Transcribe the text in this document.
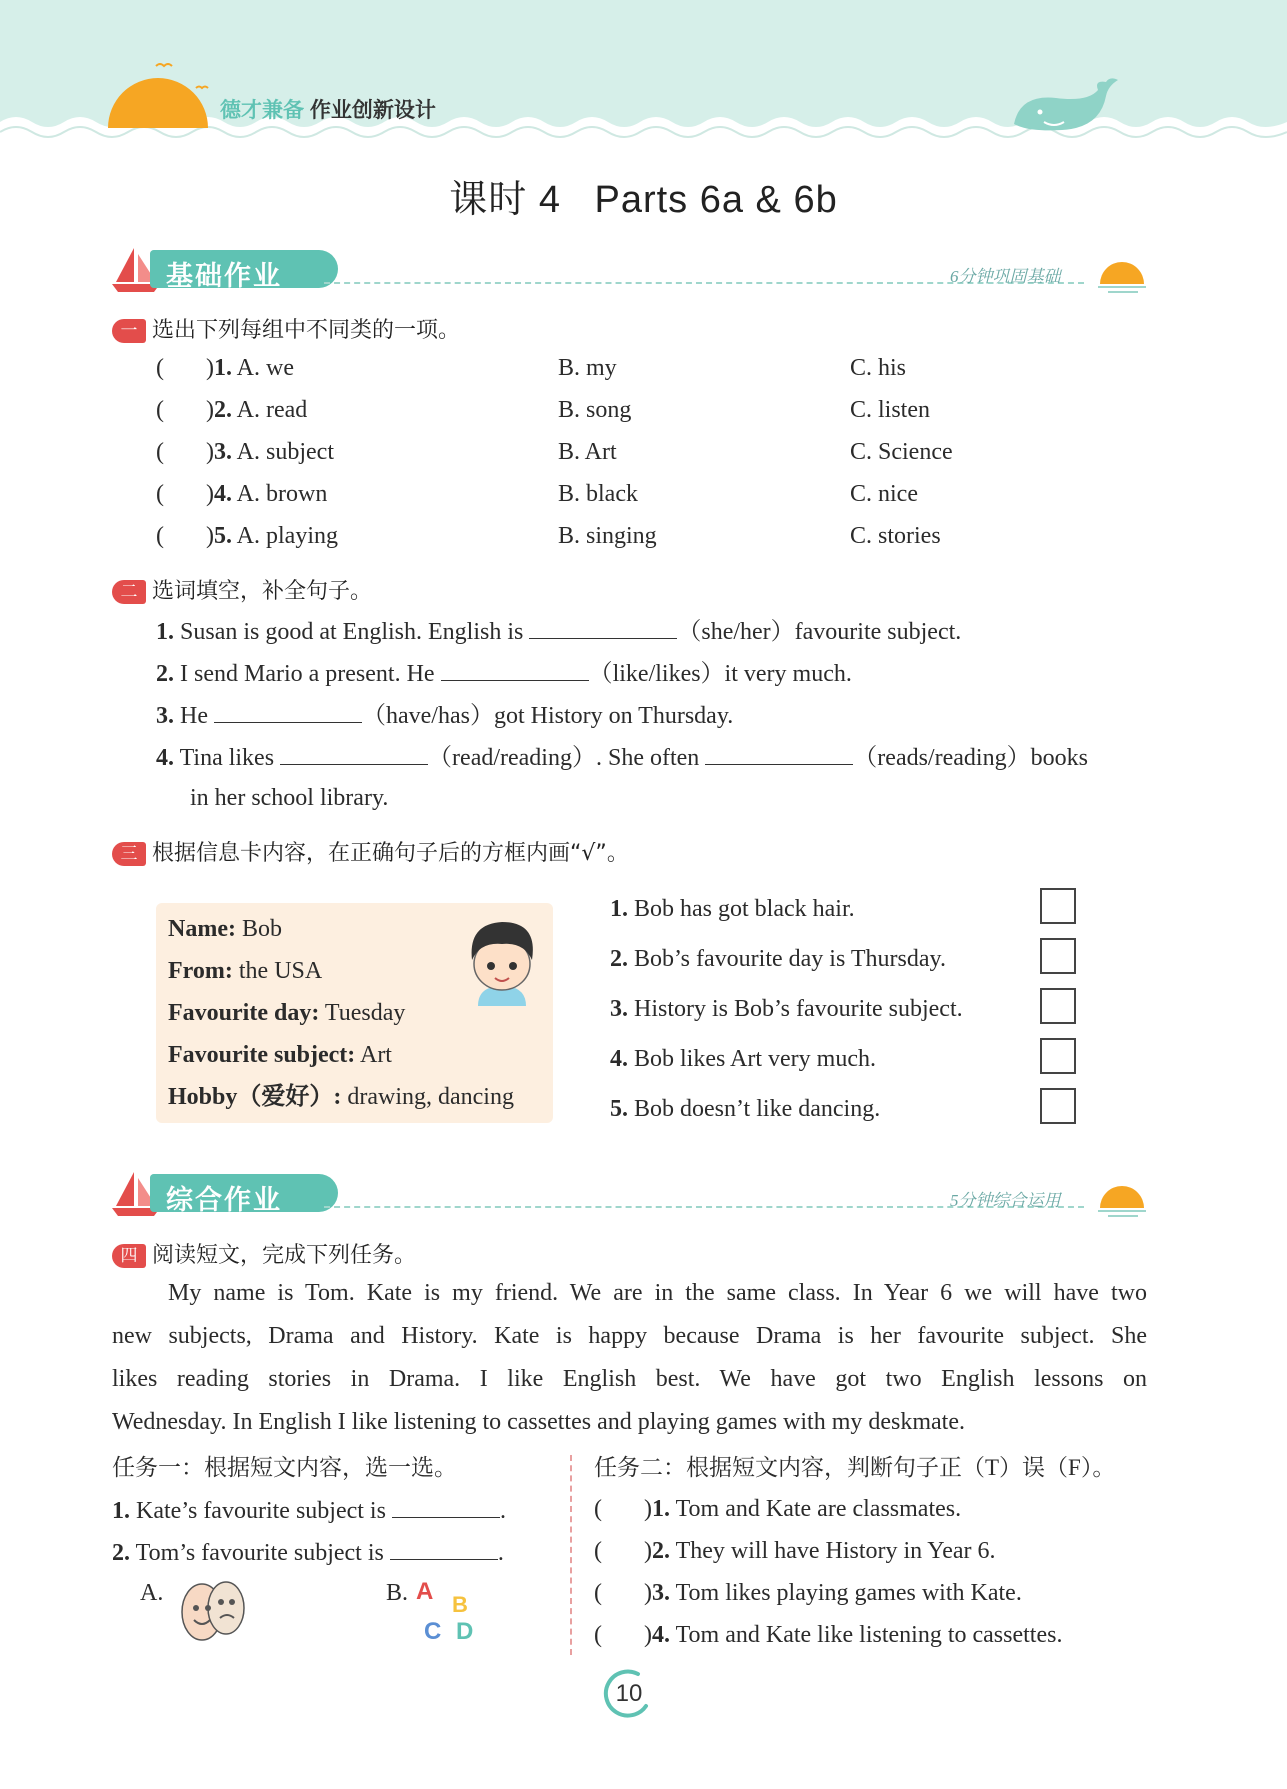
德才兼备 作业创新设计
课时 4 Parts 6a & 6b
基础作业	6分钟巩固基础
一 选出下列每组中不同类的一项。
(       )1. A. we	B. my	C. his
(       )2. A. read	B. song	C. listen
(       )3. A. subject	B. Art	C. Science
(       )4. A. brown	B. black	C. nice
(       )5. A. playing	B. singing	C. stories
二 选词填空，补全句子。
1. Susan is good at English. English is	（she/her）favourite subject.
2. I send Mario a present. He	（like/likes）it very much.
3. He	（have/has）got History on Thursday.
4. Tina likes	（read/reading）. She often	（reads/reading）books
in her school library.
三 根据信息卡内容，在正确句子后的方框内画“√”。
Name: Bob
From: the USA
Favourite day: Tuesday
Favourite subject: Art
Hobby（爱好）: drawing, dancing
1. Bob has got black hair.
2. Bob’s favourite day is Thursday.
3. History is Bob’s favourite subject.
4. Bob likes Art very much.
5. Bob doesn’t like dancing.
综合作业	5分钟综合运用
四 阅读短文，完成下列任务。
My name is Tom. Kate is my friend. We are in the same class. In Year 6 we will have two
new subjects, Drama and History. Kate is happy because Drama is her favourite subject. She
likes reading stories in Drama. I like English best. We have got two English lessons on
Wednesday. In English I like listening to cassettes and playing games with my deskmate.
任务一：根据短文内容，选一选。
1. Kate’s favourite subject is	.
2. Tom’s favourite subject is	.
A.	B. A B
C D
任务二：根据短文内容，判断句子正（T）误（F）。
(       )1. Tom and Kate are classmates.
(       )2. They will have History in Year 6.
(       )3. Tom likes playing games with Kate.
(       )4. Tom and Kate like listening to cassettes.
10
